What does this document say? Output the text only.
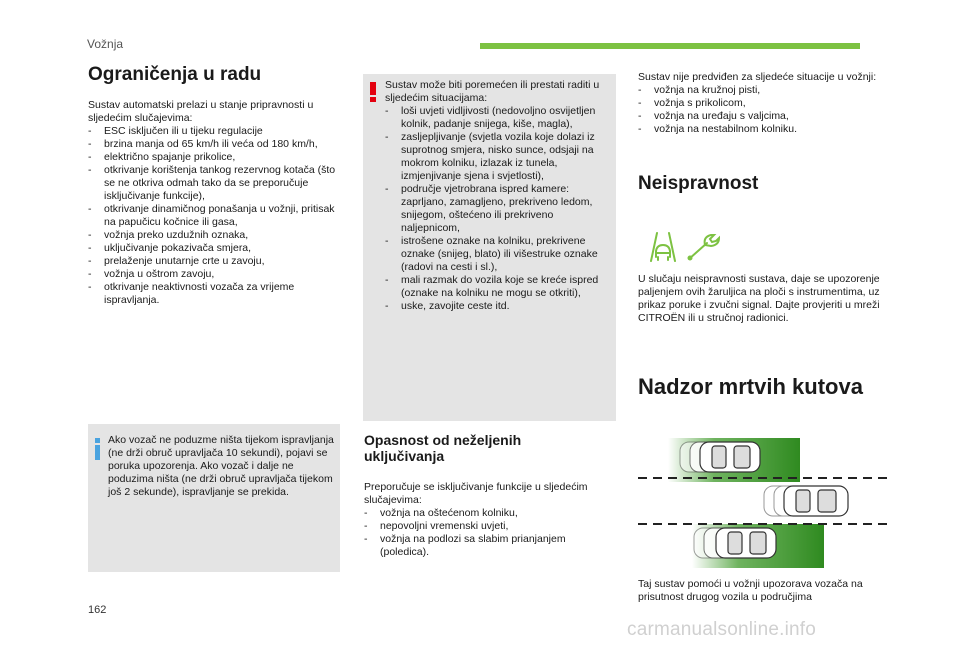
Vožnja
Ograničenja u radu

Sustav automatski prelazi u stanje pripravnosti u sljedećim slučajevima:

- ESC isključen ili u tijeku regulacije
- brzina manja od 65 km/h ili veća od 180 km/h,
- električno spajanje prikolice,
- otkrivanje korištenja tankog rezervnog kotača (što se ne otkriva odmah tako da se preporučuje isključivanje funkcije),
- otkrivanje dinamičnog ponašanja u vožnji, pritisak na papučicu kočnice ili gasa,
- vožnja preko uzdužnih oznaka,
- uključivanje pokazivača smjera,
- prelaženje unutarnje crte u zavoju,
- vožnja u oštrom zavoju,
- otkrivanje neaktivnosti vozača za vrijeme ispravljanja.
Ako vozač ne poduzme ništa tijekom ispravljanja (ne drži obruč upravljača 10 sekundi), pojavi se poruka upozorenja. Ako vozač i dalje ne poduzima ništa (ne drži obruč upravljača tijekom još 2 sekunde), ispravljanje se prekida.

Sustav može biti poremećen ili prestati raditi u sljedećim situacijama:

- loši uvjeti vidljivosti (nedovoljno osvijetljen kolnik, padanje snijega, kiše, magla),
- zasljepljivanje (svjetla vozila koje dolazi iz suprotnog smjera, nisko sunce, odsjaji na mokrom kolniku, izlazak iz tunela, izmjenjivanje sjena i svjetlosti),
- područje vjetrobrana ispred kamere: zaprljano, zamagljeno, prekriveno ledom, snijegom, oštećeno ili prekriveno naljepnicom,
- istrošene oznake na kolniku, prekrivene oznake (snijeg, blato) ili višestruke oznake (radovi na cesti i sl.),
- mali razmak do vozila koje se kreće ispred (oznake na kolniku ne mogu se otkriti),
- uske, zavojite ceste itd.
Opasnost od neželjenih uključivanja

Preporučuje se isključivanje funkcije u sljedećim slučajevima:

- vožnja na oštećenom kolniku,
- nepovoljni vremenski uvjeti,
- vožnja na podlozi sa slabim prianjanjem (poledica).

Sustav nije predviđen za sljedeće situacije u vožnji:

- vožnja na kružnoj pisti,
- vožnja s prikolicom,
- vožnja na uređaju s valjcima,
- vožnja na nestabilnom kolniku.
Neispravnost
U slučaju neispravnosti sustava, daje se upozorenje paljenjem ovih žaruljica na ploči s instrumentima, uz prikaz poruke i zvučni signal. Dajte provjeriti u mreži CITROËN ili u stručnoj radionici.
Nadzor mrtvih kutova
Taj sustav pomoći u vožnji upozorava vozača na prisutnost drugog vozila u područjima
162
carmanualsonline.info
